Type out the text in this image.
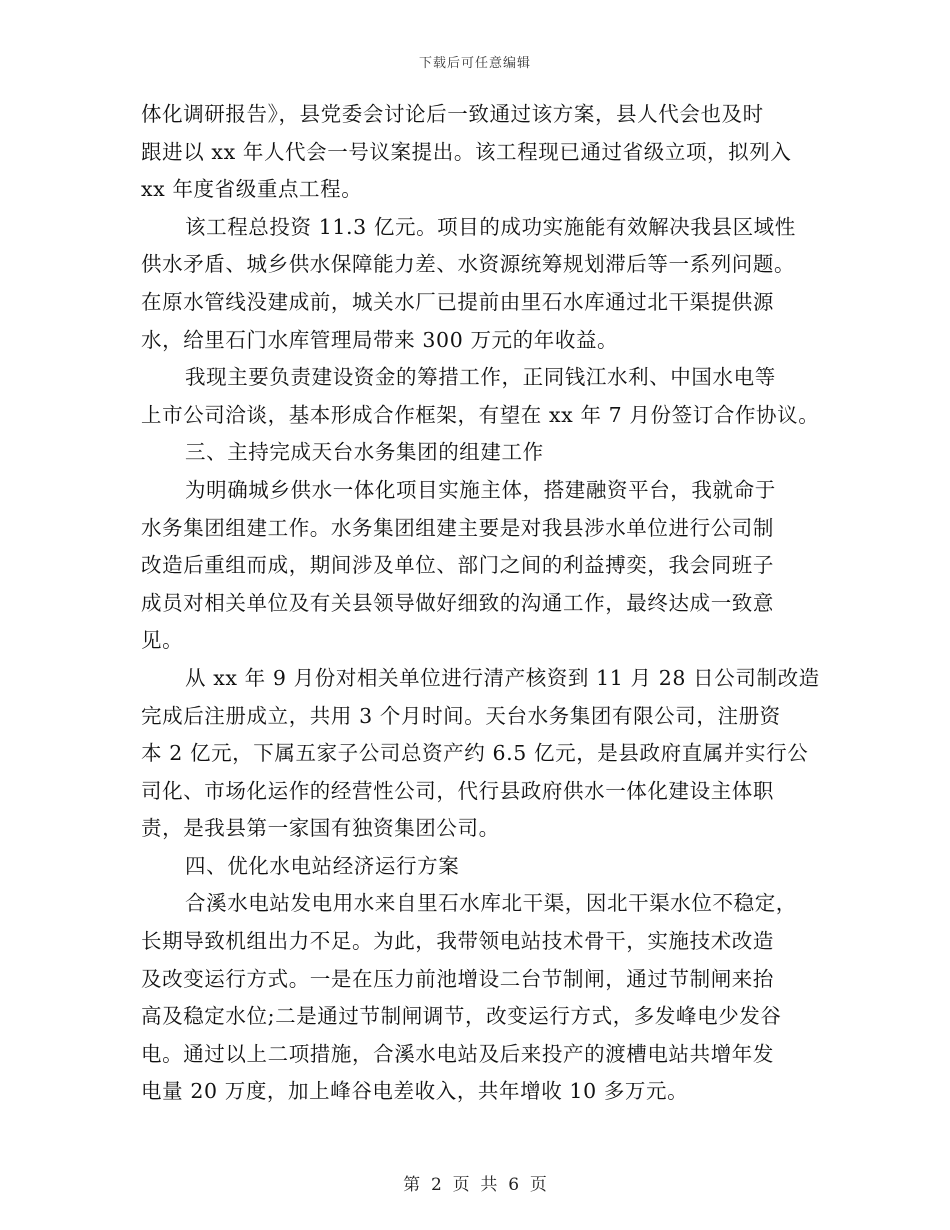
下载后可任意编辑
体化调研报告》，县党委会讨论后一致通过该方案，县人代会也及时
跟进以 xx 年人代会一号议案提出。该工程现已通过省级立项，拟列入
xx 年度省级重点工程。
该工程总投资 11.3 亿元。项目的成功实施能有效解决我县区域性
供水矛盾、城乡供水保障能力差、水资源统筹规划滞后等一系列问题。
在原水管线没建成前，城关水厂已提前由里石水库通过北干渠提供源
水，给里石门水库管理局带来 300 万元的年收益。
我现主要负责建设资金的筹措工作，正同钱江水利、中国水电等
上市公司洽谈，基本形成合作框架，有望在 xx 年 7 月份签订合作协议。
三、主持完成天台水务集团的组建工作
为明确城乡供水一体化项目实施主体，搭建融资平台，我就命于
水务集团组建工作。水务集团组建主要是对我县涉水单位进行公司制
改造后重组而成，期间涉及单位、部门之间的利益搏奕，我会同班子
成员对相关单位及有关县领导做好细致的沟通工作，最终达成一致意
见。
从 xx 年 9 月份对相关单位进行清产核资到 11 月 28 日公司制改造
完成后注册成立，共用 3 个月时间。天台水务集团有限公司，注册资
本 2 亿元，下属五家子公司总资产约 6.5 亿元，是县政府直属并实行公
司化、市场化运作的经营性公司，代行县政府供水一体化建设主体职
责，是我县第一家国有独资集团公司。
四、优化水电站经济运行方案
合溪水电站发电用水来自里石水库北干渠，因北干渠水位不稳定，
长期导致机组出力不足。为此，我带领电站技术骨干，实施技术改造
及改变运行方式。一是在压力前池增设二台节制闸，通过节制闸来抬
高及稳定水位;二是通过节制闸调节，改变运行方式，多发峰电少发谷
电。通过以上二项措施，合溪水电站及后来投产的渡槽电站共增年发
电量 20 万度，加上峰谷电差收入，共年增收 10 多万元。
第  2  页  共  6  页
